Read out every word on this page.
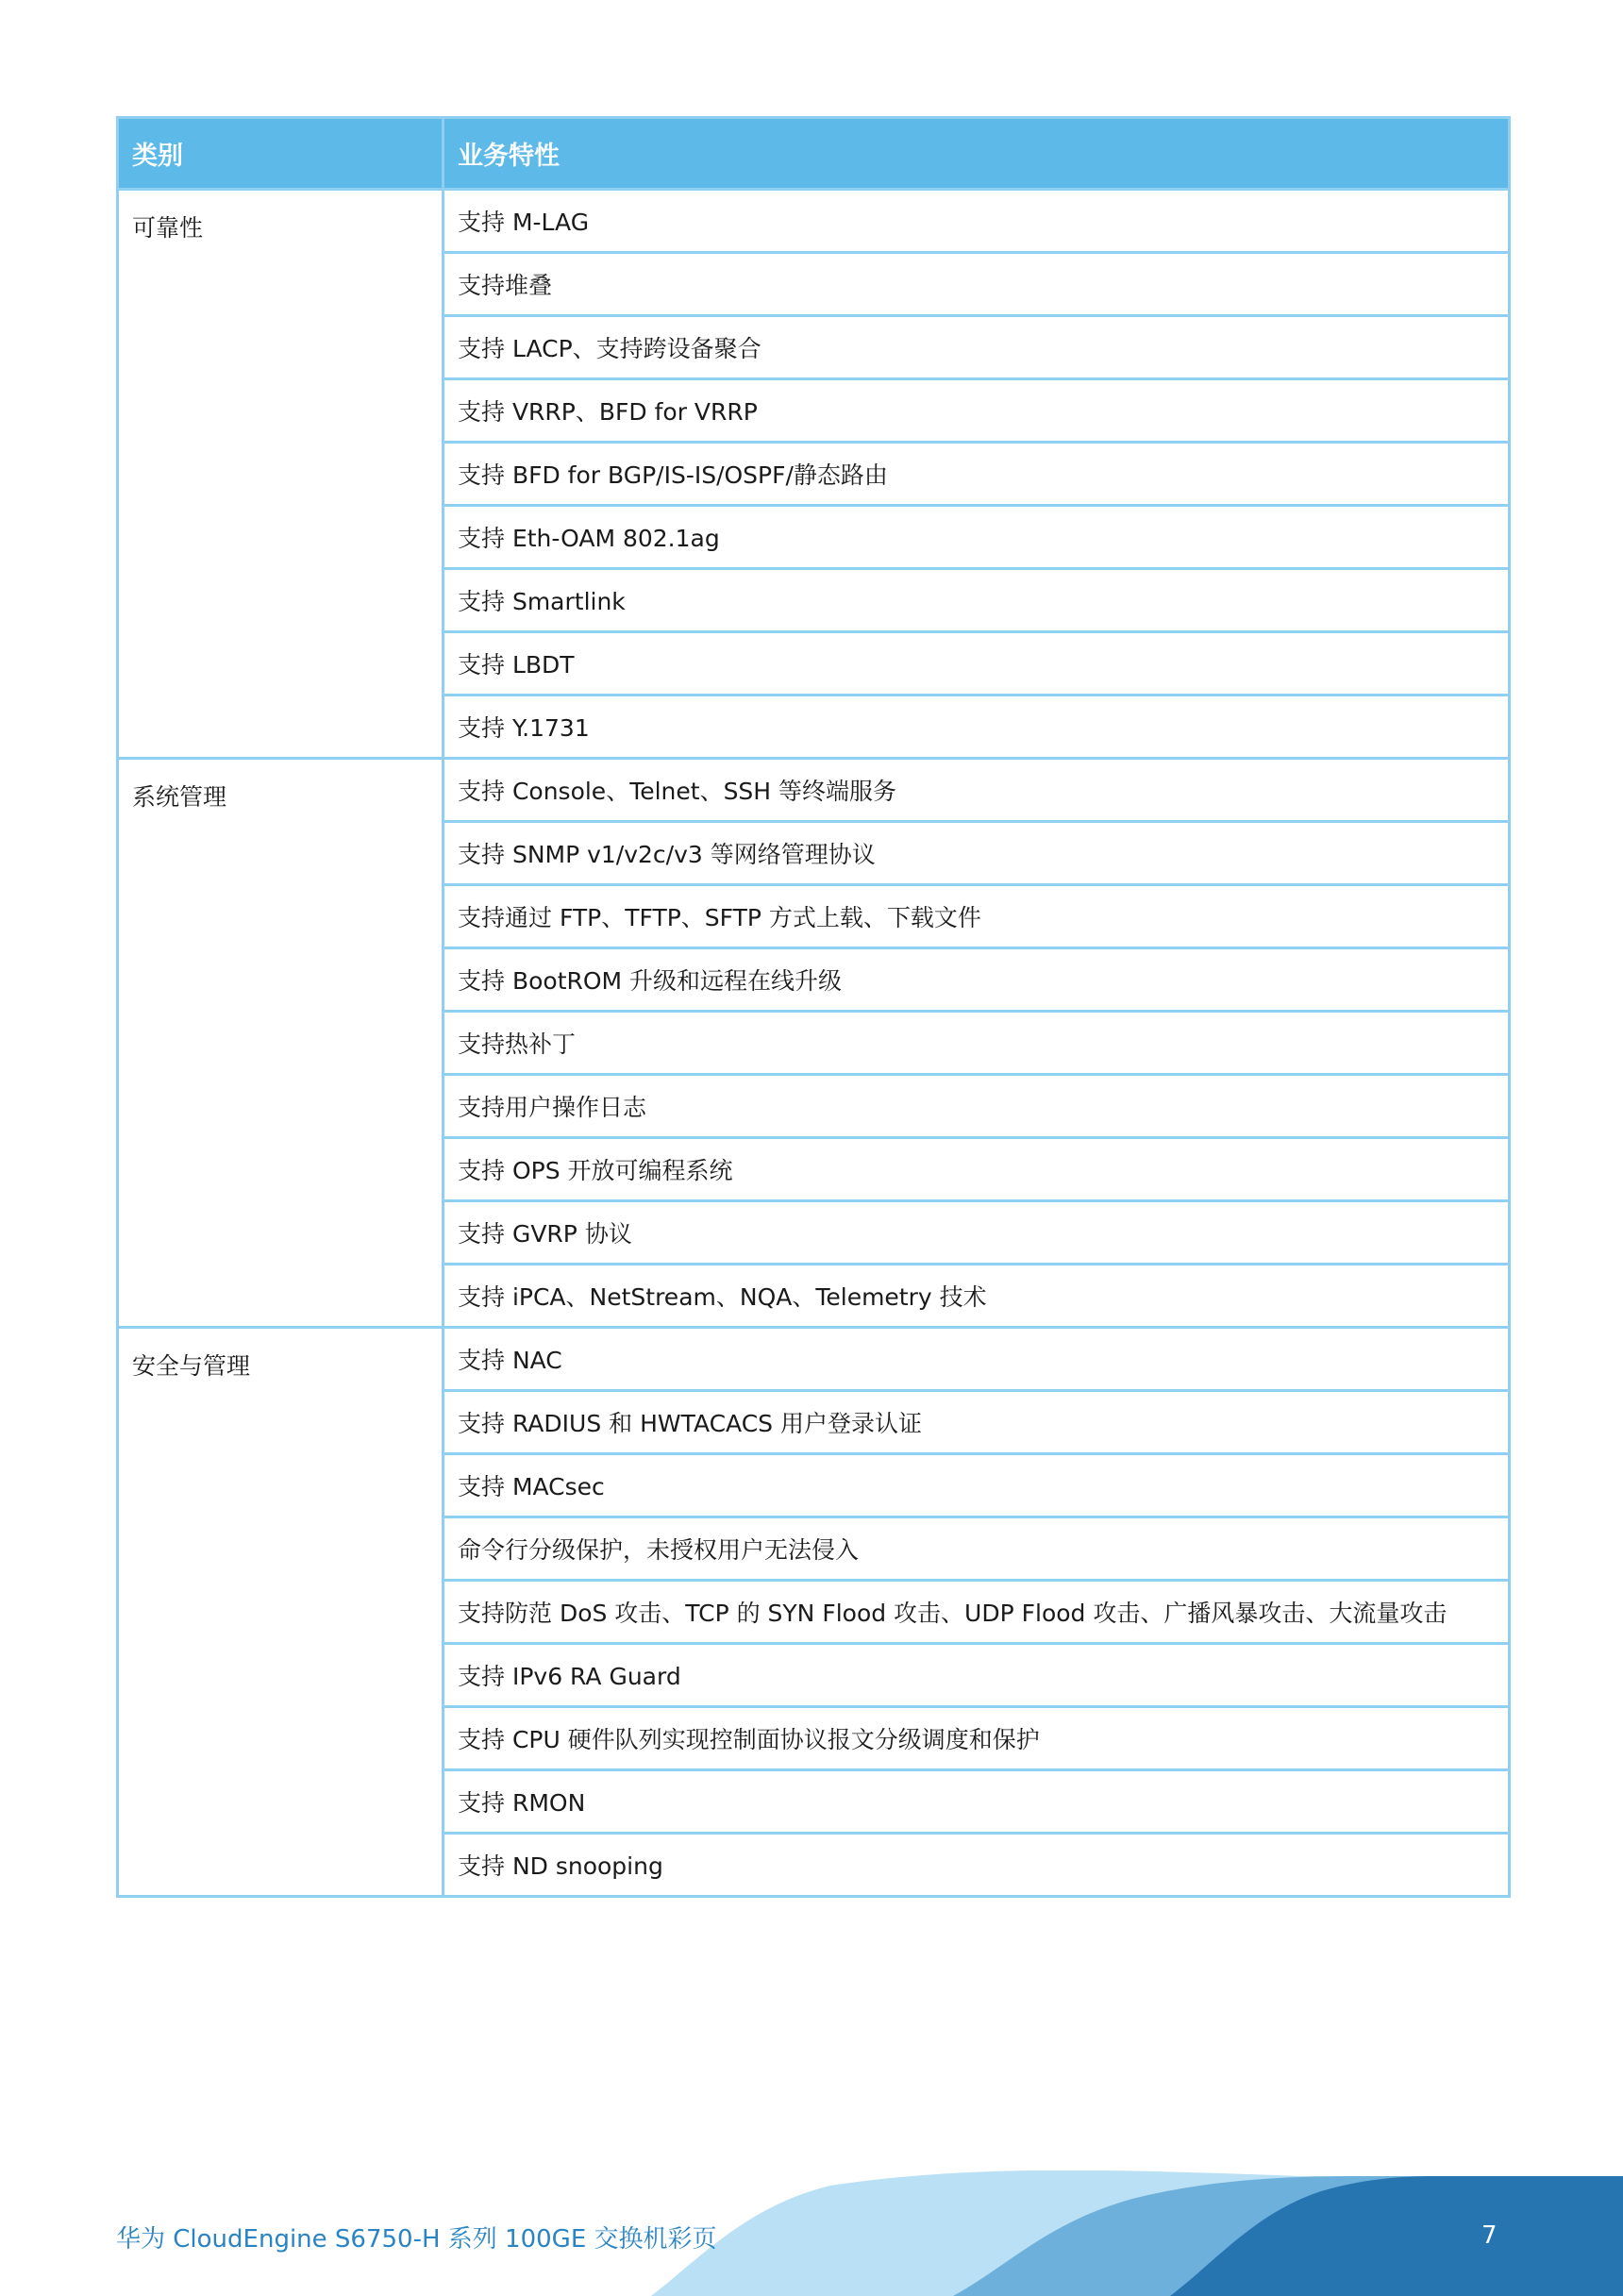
类别	业务特性
可靠性	支持 M-LAG
	支持堆叠
	支持 LACP、支持跨设备聚合
	支持 VRRP、BFD for VRRP
	支持 BFD for BGP/IS-IS/OSPF/静态路由
	支持 Eth-OAM 802.1ag
	支持 Smartlink
	支持 LBDT
	支持 Y.1731
系统管理	支持 Console、Telnet、SSH 等终端服务
	支持 SNMP v1/v2c/v3 等网络管理协议
	支持通过 FTP、TFTP、SFTP 方式上载、下载文件
	支持 BootROM 升级和远程在线升级
	支持热补丁
	支持用户操作日志
	支持 OPS 开放可编程系统
	支持 GVRP 协议
	支持 iPCA、NetStream、NQA、Telemetry 技术
安全与管理	支持 NAC
	支持 RADIUS 和 HWTACACS 用户登录认证
	支持 MACsec
	命令行分级保护，未授权用户无法侵入
	支持防范 DoS 攻击、TCP 的 SYN Flood 攻击、UDP Flood 攻击、广播风暴攻击、大流量攻击
	支持 IPv6 RA Guard
	支持 CPU 硬件队列实现控制面协议报文分级调度和保护
	支持 RMON
	支持 ND snooping
华为 CloudEngine S6750-H 系列 100GE 交换机彩页	7
